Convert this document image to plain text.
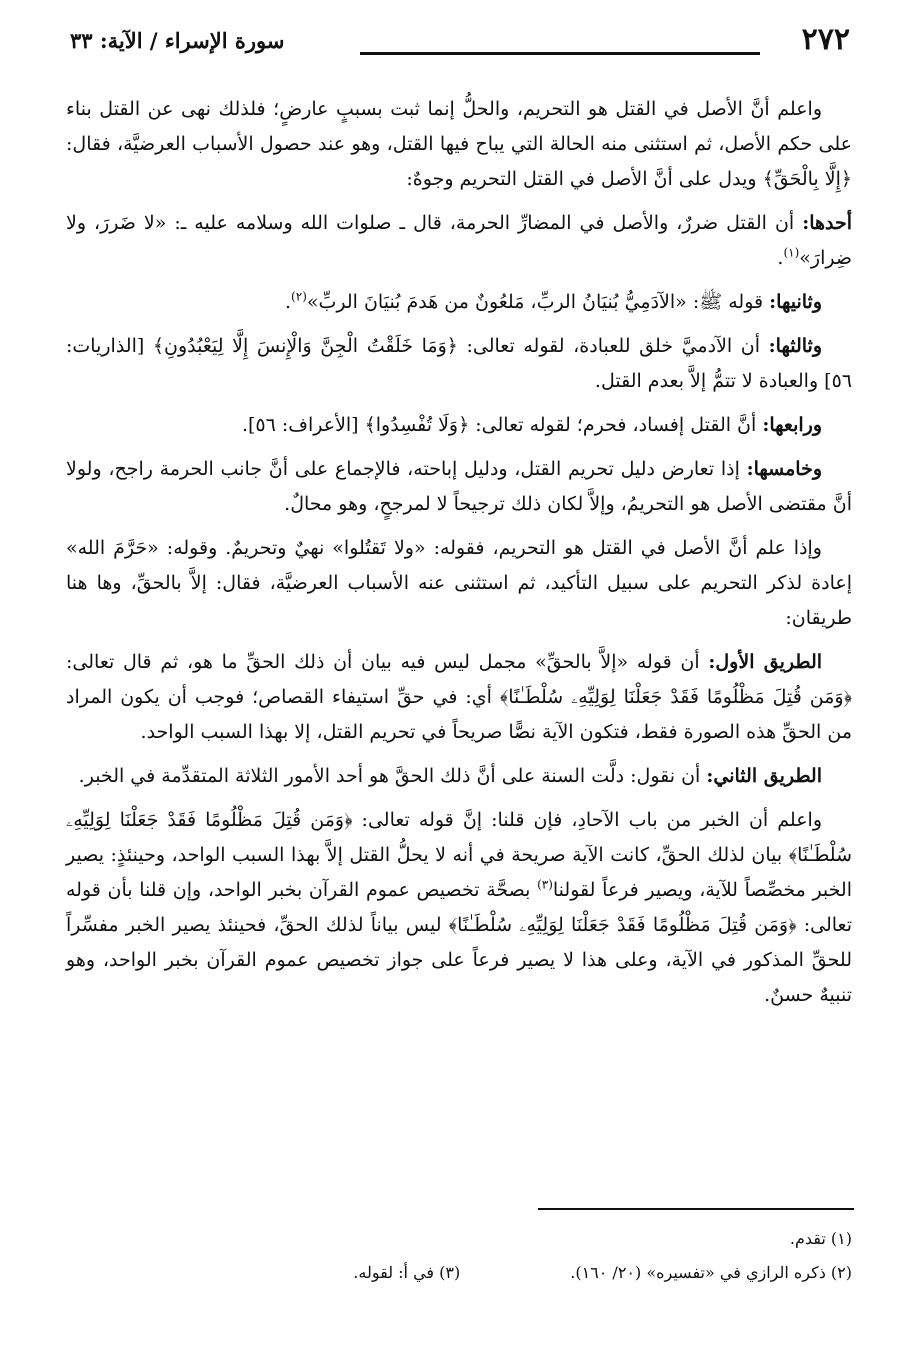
٢٧٢
سورة الإسراء / الآية: ٣٣

واعلم أنَّ الأصل في القتل هو التحريم، والحلُّ إنما ثبت بسببٍ عارضٍ؛ فلذلك نهى عن القتل بناء على حكم الأصل، ثم استثنى منه الحالة التي يباح فيها القتل، وهو عند حصول الأسباب العرضيَّة، فقال: ﴿إِلَّا بِالْحَقِّ﴾ ويدل على أنَّ الأصل في القتل التحريم وجوهٌ:

أحدها: أن القتل ضررٌ، والأصل في المضارِّ الحرمة، قال ـ صلوات الله وسلامه عليه ـ: «لا ضَررَ، ولا ضِرارَ»$^{(١)}$.

وثانيها: قوله ﷺ: «الآدَمِيُّ بُنيَانُ الربِّ، مَلعُونٌ من هَدمَ بُنيَانَ الربِّ»$^{(٢)}$.

وثالثها: أن الآدميَّ خلق للعبادة، لقوله تعالى: ﴿وَمَا خَلَقْتُ الْجِنَّ وَالْإِنسَ إِلَّا لِيَعْبُدُونِ﴾ [الذاريات: ٥٦] والعبادة لا تتمُّ إلاَّ بعدم القتل.

ورابعها: أنَّ القتل إفساد، فحرم؛ لقوله تعالى: ﴿وَلَا تُفْسِدُوا﴾ [الأعراف: ٥٦].

وخامسها: إذا تعارض دليل تحريم القتل، ودليل إباحته، فالإجماع على أنَّ جانب الحرمة راجح، ولولا أنَّ مقتضى الأصل هو التحريمُ، وإلاَّ لكان ذلك ترجيحاً لا لمرجحٍ، وهو محالٌ.

وإذا علم أنَّ الأصل في القتل هو التحريم، فقوله: «ولا تَقتُلوا» نهيٌ وتحريمٌ. وقوله: «حَرَّمَ الله» إعادة لذكر التحريم على سبيل التأكيد، ثم استثنى عنه الأسباب العرضيَّة، فقال: إلاَّ بالحقِّ، وها هنا طريقان:

الطريق الأول: أن قوله «إلاَّ بالحقِّ» مجمل ليس فيه بيان أن ذلك الحقِّ ما هو، ثم قال تعالى: ﴿وَمَن قُتِلَ مَظْلُومًا فَقَدْ جَعَلْنَا لِوَلِيِّهِۦ سُلْطَـٰنًا﴾ أي: في حقِّ استيفاء القصاص؛ فوجب أن يكون المراد من الحقِّ هذه الصورة فقط، فتكون الآية نصًّا صريحاً في تحريم القتل، إلا بهذا السبب الواحد.

الطريق الثاني: أن نقول: دلَّت السنة على أنَّ ذلك الحقَّ هو أحد الأمور الثلاثة المتقدِّمة في الخبر.

واعلم أن الخبر من باب الآحادِ، فإن قلنا: إنَّ قوله تعالى: ﴿وَمَن قُتِلَ مَظْلُومًا فَقَدْ جَعَلْنَا لِوَلِيِّهِۦ سُلْطَـٰنًا﴾ بيان لذلك الحقِّ، كانت الآية صريحة في أنه لا يحلُّ القتل إلاَّ بهذا السبب الواحد، وحينئذٍ: يصير الخبر مخصِّصاً للآية، ويصير فرعاً لقولنا$^{(٣)}$ بصحَّة تخصيص عموم القرآن بخبر الواحد، وإن قلنا بأن قوله تعالى: ﴿وَمَن قُتِلَ مَظْلُومًا فَقَدْ جَعَلْنَا لِوَلِيِّهِۦ سُلْطَـٰنًا﴾ ليس بياناً لذلك الحقِّ، فحينئذ يصير الخبر مفسِّراً للحقِّ المذكور في الآية، وعلى هذا لا يصير فرعاً على جواز تخصيص عموم القرآن بخبر الواحد، وهو تنبيهٌ حسنٌ.

(١) تقدم.
(٢) ذكره الرازي في «تفسيره» (٢٠/ ١٦٠).
(٣) في أ: لقوله.
